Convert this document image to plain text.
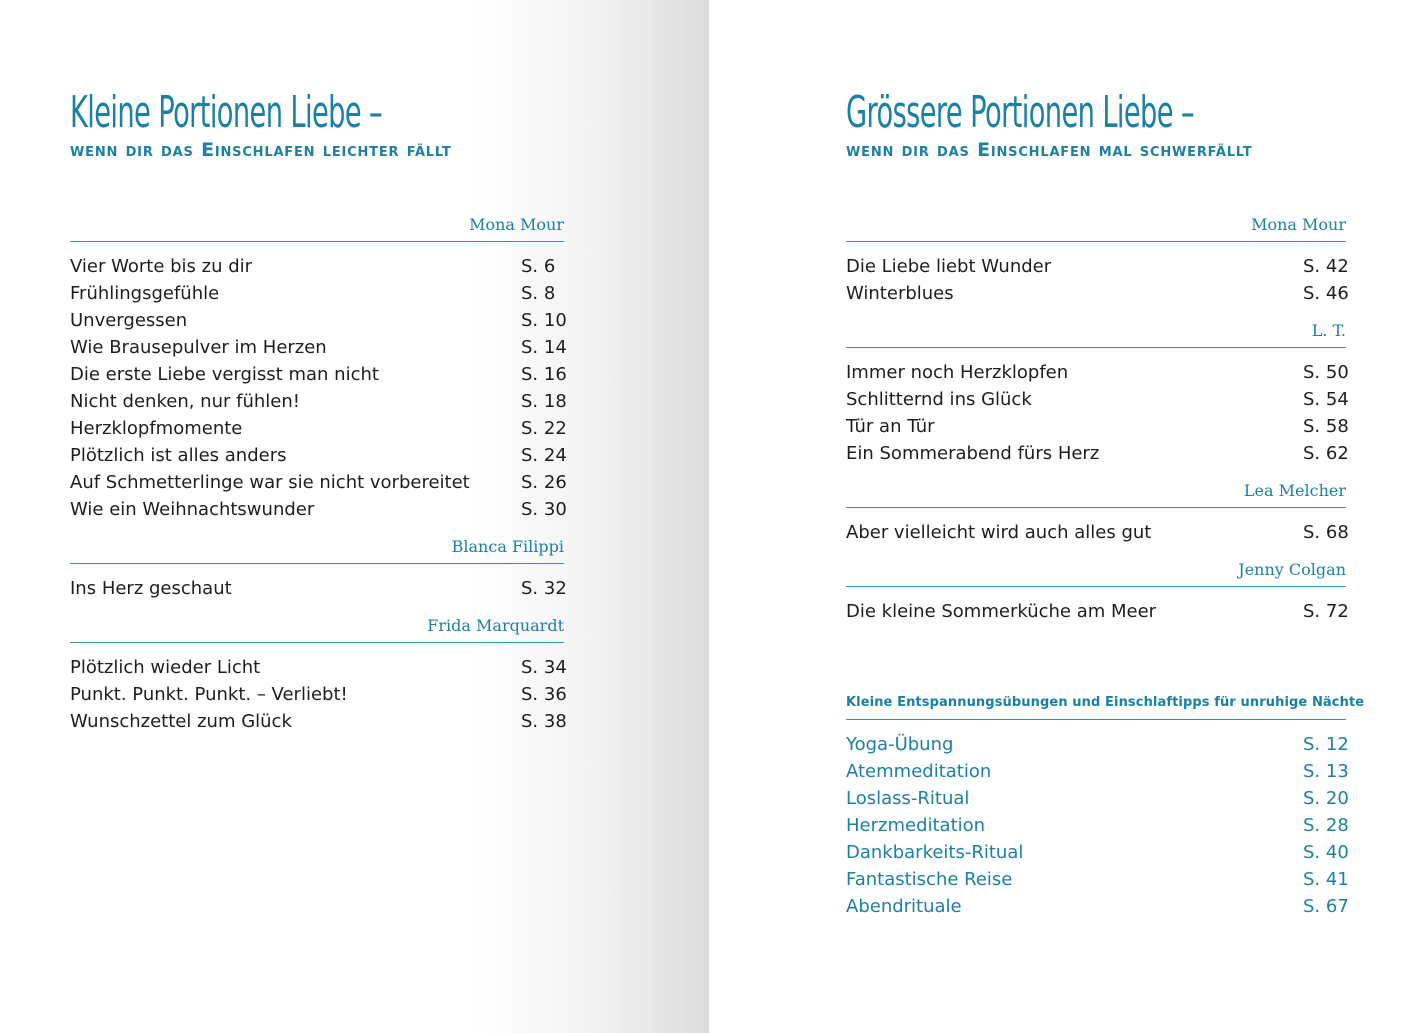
Kleine Portionen Liebe –
wenn dir das Einschlafen leichter fällt
Mona Mour
Vier Worte bis zu dir	S. 6
Frühlingsgefühle	S. 8
Unvergessen	S. 10
Wie Brausepulver im Herzen	S. 14
Die erste Liebe vergisst man nicht	S. 16
Nicht denken, nur fühlen!	S. 18
Herzklopfmomente	S. 22
Plötzlich ist alles anders	S. 24
Auf Schmetterlinge war sie nicht vorbereitet	S. 26
Wie ein Weihnachtswunder	S. 30
Blanca Filippi
Ins Herz geschaut	S. 32
Frida Marquardt
Plötzlich wieder Licht	S. 34
Punkt. Punkt. Punkt. – Verliebt!	S. 36
Wunschzettel zum Glück	S. 38
Grössere Portionen Liebe –
wenn dir das Einschlafen mal schwerfällt
Mona Mour
Die Liebe liebt Wunder	S. 42
Winterblues	S. 46
L. T.
Immer noch Herzklopfen	S. 50
Schlitternd ins Glück	S. 54
Tür an Tür	S. 58
Ein Sommerabend fürs Herz	S. 62
Lea Melcher
Aber vielleicht wird auch alles gut	S. 68
Jenny Colgan
Die kleine Sommerküche am Meer	S. 72
Kleine Entspannungsübungen und Einschlaftipps für unruhige Nächte
Yoga-Übung	S. 12
Atemmeditation	S. 13
Loslass-Ritual	S. 20
Herzmeditation	S. 28
Dankbarkeits-Ritual	S. 40
Fantastische Reise	S. 41
Abendrituale	S. 67
